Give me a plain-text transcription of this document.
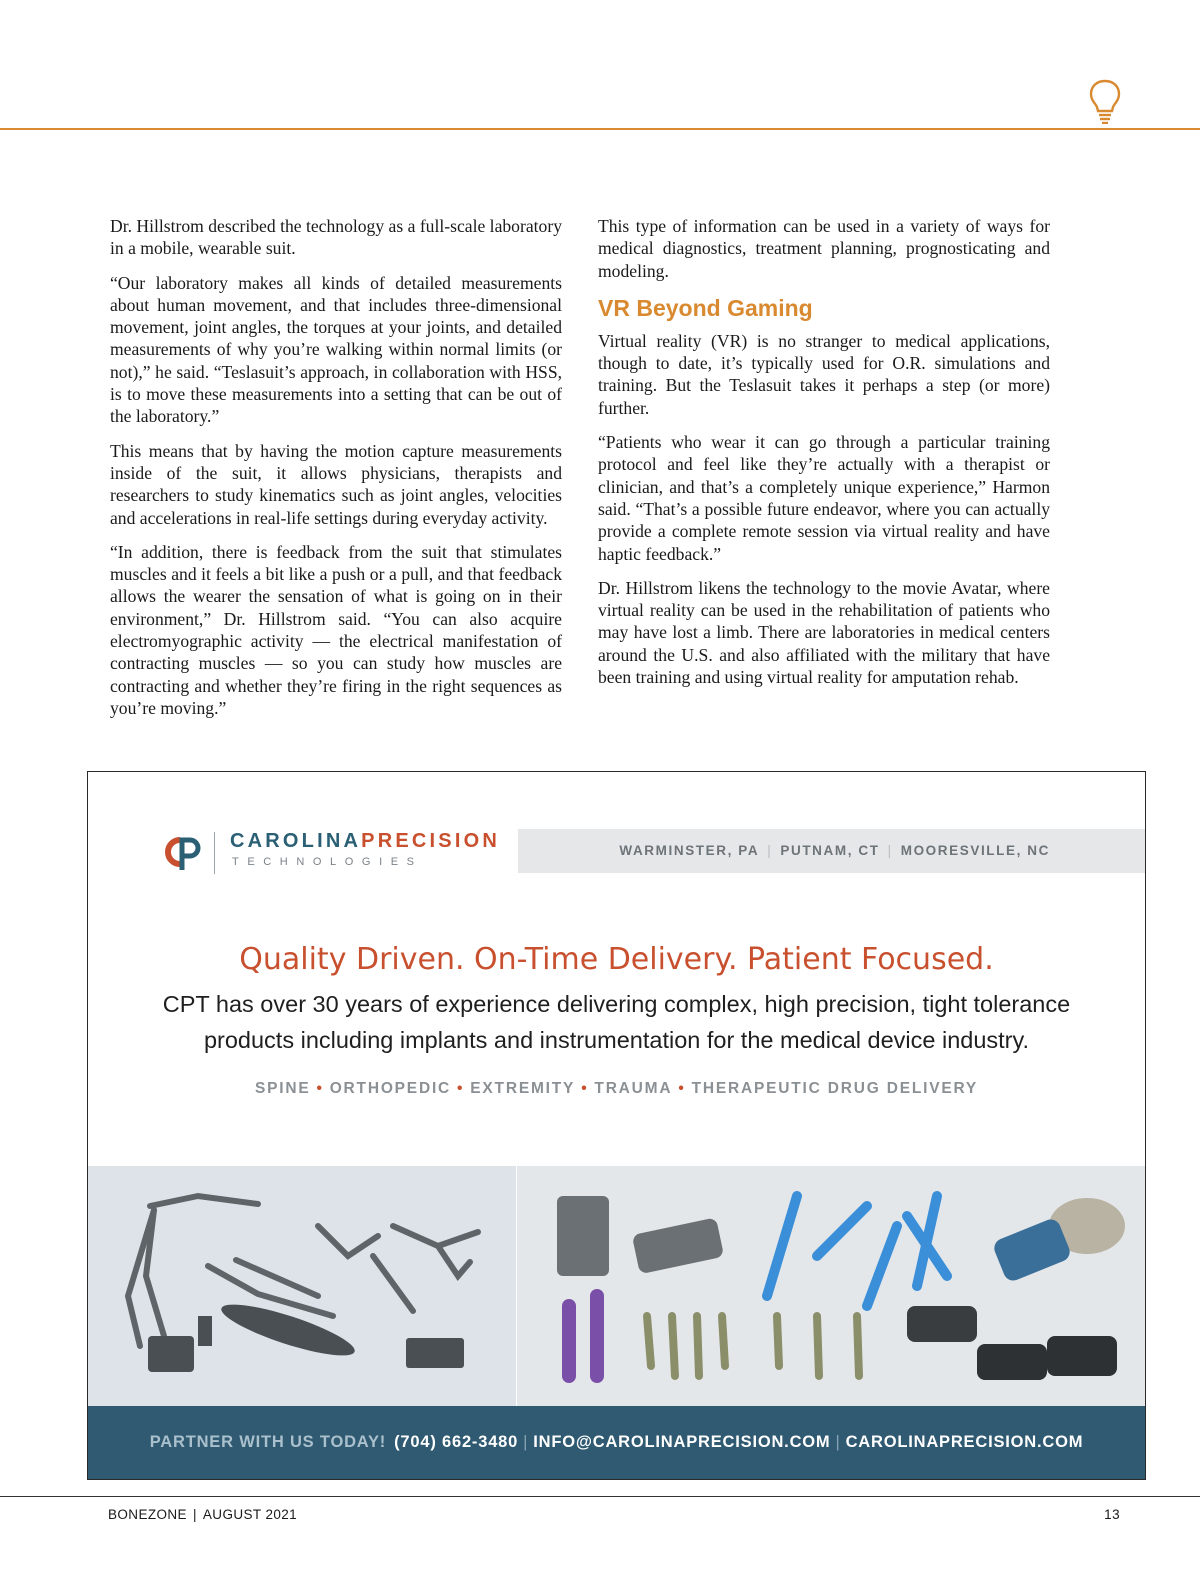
Dr. Hillstrom described the technology as a full-scale laboratory in a mobile, wearable suit.

“Our laboratory makes all kinds of detailed measurements about human movement, and that includes three-dimensional movement, joint angles, the torques at your joints, and detailed measurements of why you’re walking within normal limits (or not),” he said. “Teslasuit’s approach, in collaboration with HSS, is to move these measurements into a setting that can be out of the laboratory.”

This means that by having the motion capture measurements inside of the suit, it allows physicians, therapists and researchers to study kinematics such as joint angles, velocities and accelerations in real-life settings during everyday activity.

“In addition, there is feedback from the suit that stimulates muscles and it feels a bit like a push or a pull, and that feedback allows the wearer the sensation of what is going on in their environment,” Dr. Hillstrom said. “You can also acquire electromyographic activity — the electrical manifestation of contracting muscles — so you can study how muscles are contracting and whether they’re firing in the right sequences as you’re moving.”

This type of information can be used in a variety of ways for medical diagnostics, treatment planning, prognosticating and modeling.

VR Beyond Gaming

Virtual reality (VR) is no stranger to medical applications, though to date, it’s typically used for O.R. simulations and training. But the Teslasuit takes it perhaps a step (or more) further.

“Patients who wear it can go through a particular training protocol and feel like they’re actually with a therapist or clinician, and that’s a completely unique experience,” Harmon said. “That’s a possible future endeavor, where you can actually provide a complete remote session via virtual reality and have haptic feedback.”

Dr. Hillstrom likens the technology to the movie Avatar, where virtual reality can be used in the rehabilitation of patients who may have lost a limb. There are laboratories in medical centers around the U.S. and also affiliated with the military that have been training and using virtual reality for amputation rehab.

CAROLINAPRECISION
TECHNOLOGIES
WARMINSTER, PA | PUTNAM, CT | MOORESVILLE, NC
Quality Driven. On-Time Delivery. Patient Focused.
CPT has over 30 years of experience delivering complex, high precision, tight tolerance products including implants and instrumentation for the medical device industry.
SPINE • ORTHOPEDIC • EXTREMITY • TRAUMA • THERAPEUTIC DRUG DELIVERY
PARTNER WITH US TODAY! (704) 662-3480 | INFO@CAROLINAPRECISION.COM | CAROLINAPRECISION.COM
BONEZONE | AUGUST 2021	13
